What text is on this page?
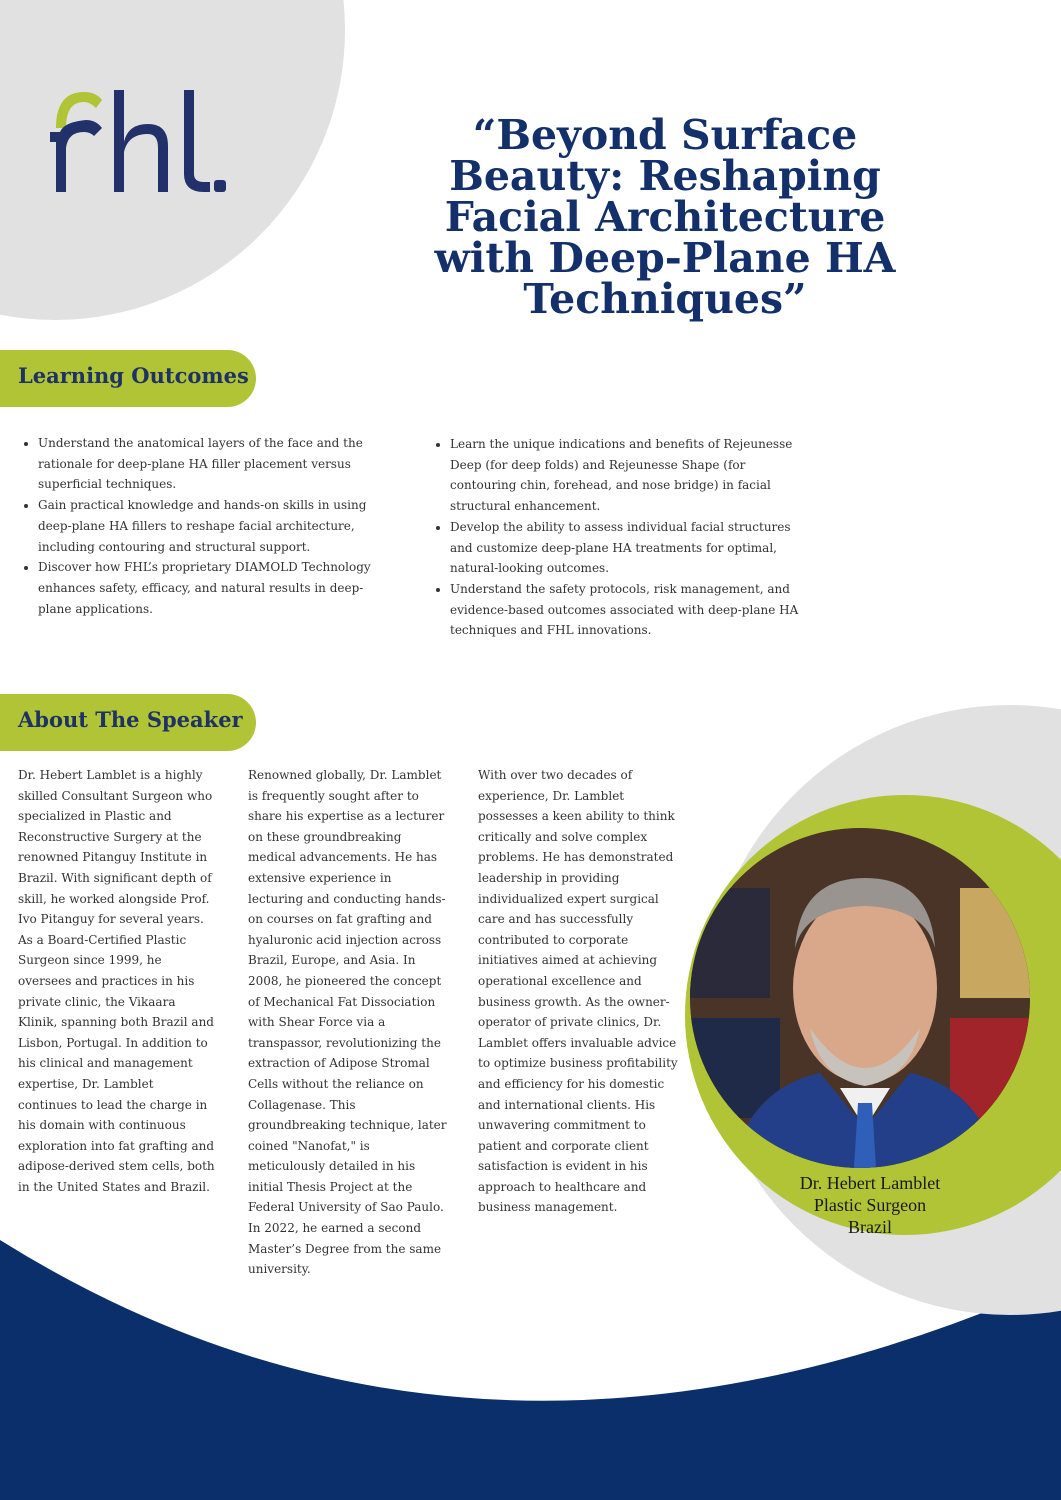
“Beyond Surface Beauty: Reshaping Facial Architecture with Deep-Plane HA Techniques”
Learning Outcomes
• Understand the anatomical layers of the face and the rationale for deep-plane HA filler placement versus superficial techniques.
• Gain practical knowledge and hands-on skills in using deep-plane HA fillers to reshape facial architecture, including contouring and structural support.
• Discover how FHL’s proprietary DIAMOLD Technology enhances safety, efficacy, and natural results in deep-plane applications.
• Learn the unique indications and benefits of Rejeunesse Deep (for deep folds) and Rejeunesse Shape (for contouring chin, forehead, and nose bridge) in facial structural enhancement.
• Develop the ability to assess individual facial structures and customize deep-plane HA treatments for optimal, natural-looking outcomes.
• Understand the safety protocols, risk management, and evidence-based outcomes associated with deep-plane HA techniques and FHL innovations.
About The Speaker
Dr. Hebert Lamblet is a highly skilled Consultant Surgeon who specialized in Plastic and Reconstructive Surgery at the renowned Pitanguy Institute in Brazil. With significant depth of skill, he worked alongside Prof. Ivo Pitanguy for several years. As a Board-Certified Plastic Surgeon since 1999, he oversees and practices in his private clinic, the Vikaara Klinik, spanning both Brazil and Lisbon, Portugal. In addition to his clinical and management expertise, Dr. Lamblet continues to lead the charge in his domain with continuous exploration into fat grafting and adipose-derived stem cells, both in the United States and Brazil.
Renowned globally, Dr. Lamblet is frequently sought after to share his expertise as a lecturer on these groundbreaking medical advancements. He has extensive experience in lecturing and conducting hands-on courses on fat grafting and hyaluronic acid injection across Brazil, Europe, and Asia. In 2008, he pioneered the concept of Mechanical Fat Dissociation with Shear Force via a transpassor, revolutionizing the extraction of Adipose Stromal Cells without the reliance on Collagenase. This groundbreaking technique, later coined "Nanofat," is meticulously detailed in his initial Thesis Project at the Federal University of Sao Paulo. In 2022, he earned a second Master’s Degree from the same university.
With over two decades of experience, Dr. Lamblet possesses a keen ability to think critically and solve complex problems. He has demonstrated leadership in providing individualized expert surgical care and has successfully contributed to corporate initiatives aimed at achieving operational excellence and business growth. As the owner-operator of private clinics, Dr. Lamblet offers invaluable advice to optimize business profitability and efficiency for his domestic and international clients. His unwavering commitment to patient and corporate client satisfaction is evident in his approach to healthcare and business management.
Dr. Hebert Lamblet
Plastic Surgeon
Brazil
